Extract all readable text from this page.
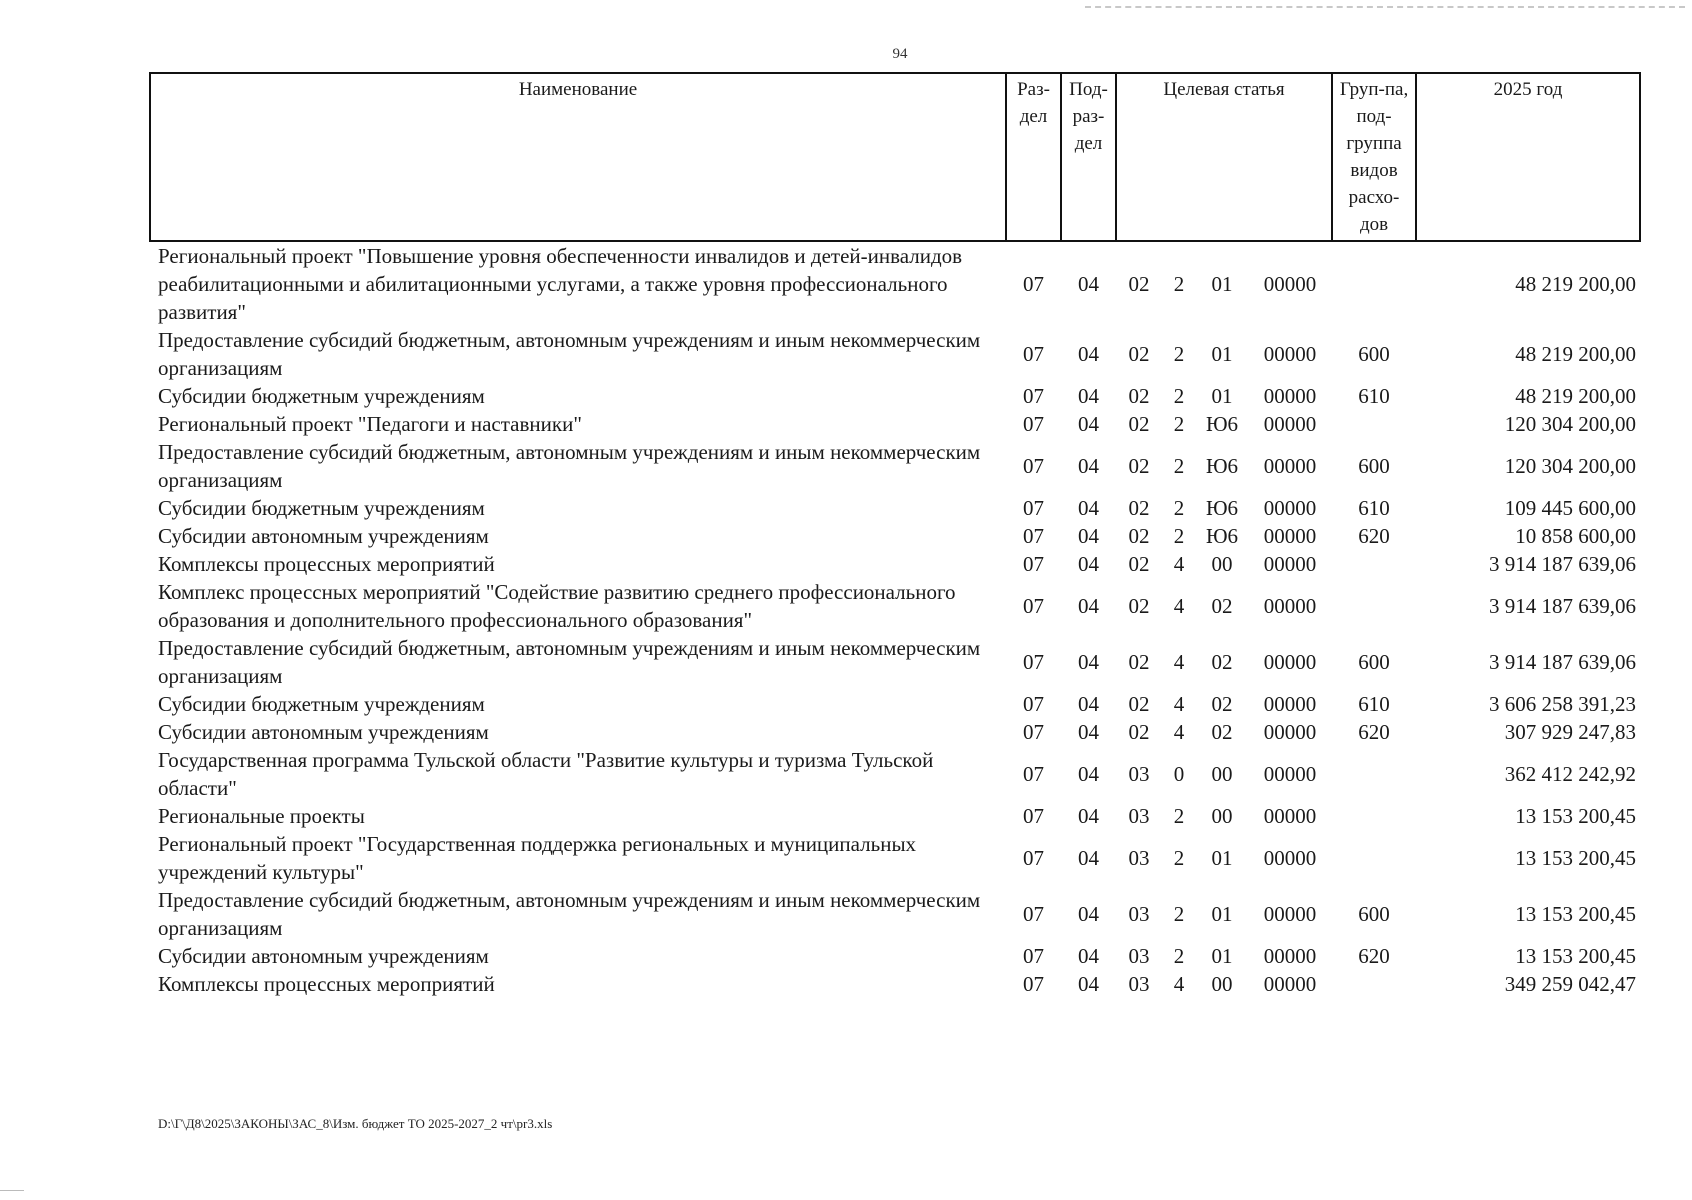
94
Наименование	Раз-дел	Под-раз-дел	Целевая статья				Груп-па, под-группа видов расхо-дов	2025 год
Региональный проект "Повышение уровня обеспеченности инвалидов и детей-инвалидов реабилитационными и абилитационными услугами, а также уровня профессионального развития"	07	04	02	2	01	00000		48 219 200,00
Предоставление субсидий бюджетным, автономным учреждениям и иным некоммерческим организациям	07	04	02	2	01	00000	600	48 219 200,00
Субсидии бюджетным учреждениям	07	04	02	2	01	00000	610	48 219 200,00
Региональный проект "Педагоги и наставники"	07	04	02	2	Ю6	00000		120 304 200,00
Предоставление субсидий бюджетным, автономным учреждениям и иным некоммерческим организациям	07	04	02	2	Ю6	00000	600	120 304 200,00
Субсидии бюджетным учреждениям	07	04	02	2	Ю6	00000	610	109 445 600,00
Субсидии автономным учреждениям	07	04	02	2	Ю6	00000	620	10 858 600,00
Комплексы процессных мероприятий	07	04	02	4	00	00000		3 914 187 639,06
Комплекс процессных мероприятий "Содействие развитию среднего профессионального образования и дополнительного профессионального образования"	07	04	02	4	02	00000		3 914 187 639,06
Предоставление субсидий бюджетным, автономным учреждениям и иным некоммерческим организациям	07	04	02	4	02	00000	600	3 914 187 639,06
Субсидии бюджетным учреждениям	07	04	02	4	02	00000	610	3 606 258 391,23
Субсидии автономным учреждениям	07	04	02	4	02	00000	620	307 929 247,83
Государственная программа Тульской области "Развитие культуры и туризма Тульской области"	07	04	03	0	00	00000		362 412 242,92
Региональные проекты	07	04	03	2	00	00000		13 153 200,45
Региональный проект "Государственная поддержка региональных и муниципальных учреждений культуры"	07	04	03	2	01	00000		13 153 200,45
Предоставление субсидий бюджетным, автономным учреждениям и иным некоммерческим организациям	07	04	03	2	01	00000	600	13 153 200,45
Субсидии автономным учреждениям	07	04	03	2	01	00000	620	13 153 200,45
Комплексы процессных мероприятий	07	04	03	4	00	00000		349 259 042,47
D:\Г\Д8\2025\ЗАКОНЫ\ЗАС_8\Изм. бюджет ТО 2025-2027_2 чт\pr3.xls
